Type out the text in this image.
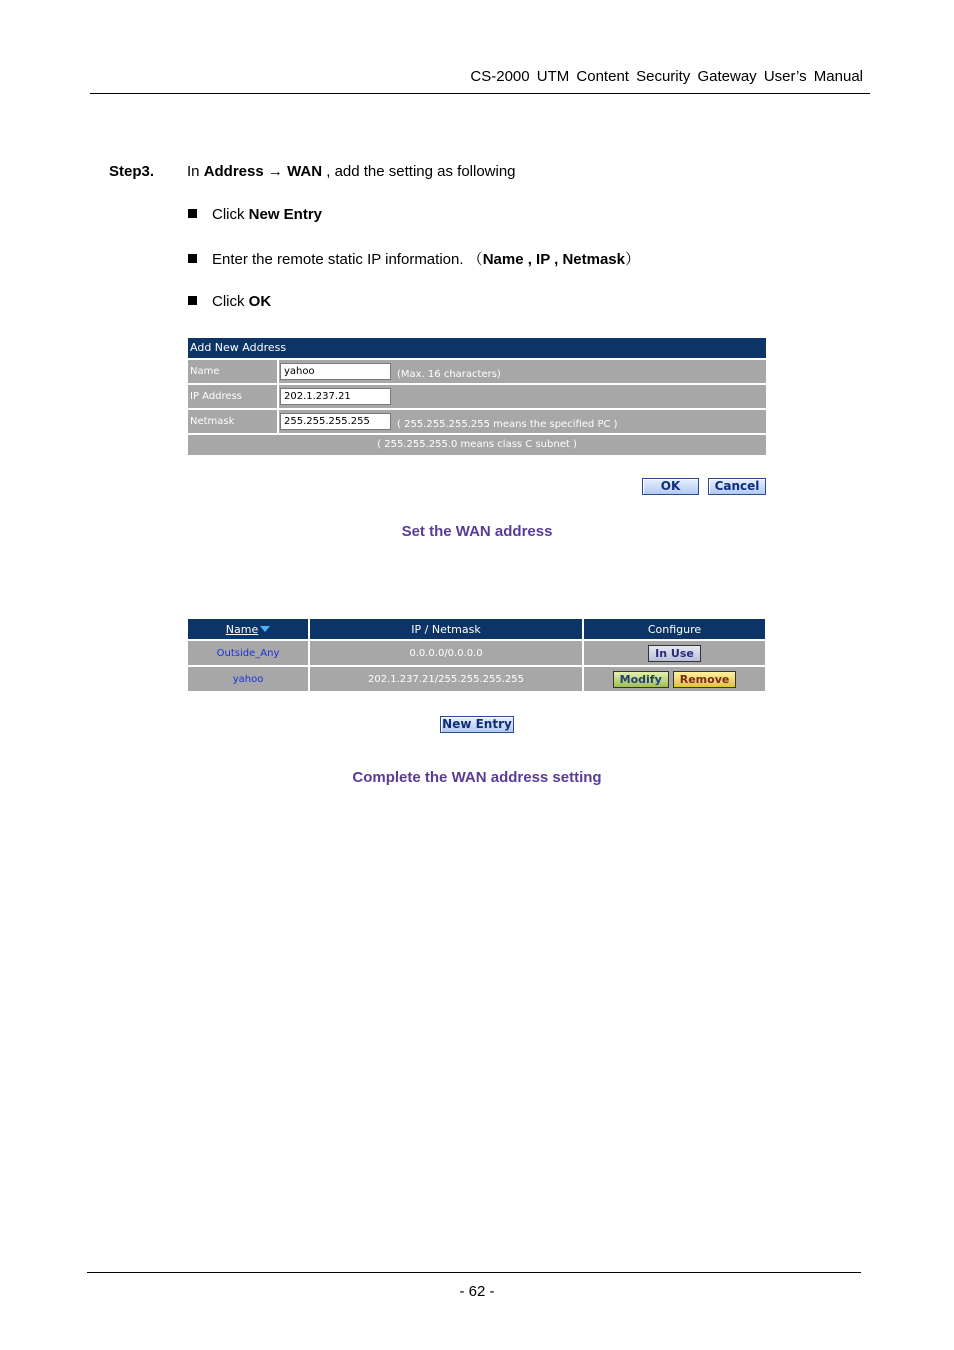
CS-2000 UTM Content Security Gateway User’s Manual
Step3. In Address → WAN , add the setting as following
Click New Entry
Enter the remote static IP information. （Name , IP , Netmask）
Click OK
Add New Address
Name	yahoo	(Max. 16 characters)
IP Address	202.1.237.21
Netmask	255.255.255.255	( 255.255.255.255 means the specified PC )
( 255.255.255.0 means class C subnet )
OK	Cancel
Set the WAN address
Name	IP / Netmask	Configure
Outside_Any	0.0.0.0/0.0.0.0	In Use
yahoo	202.1.237.21/255.255.255.255	Modify	Remove
New Entry
Complete the WAN address setting
- 62 -
